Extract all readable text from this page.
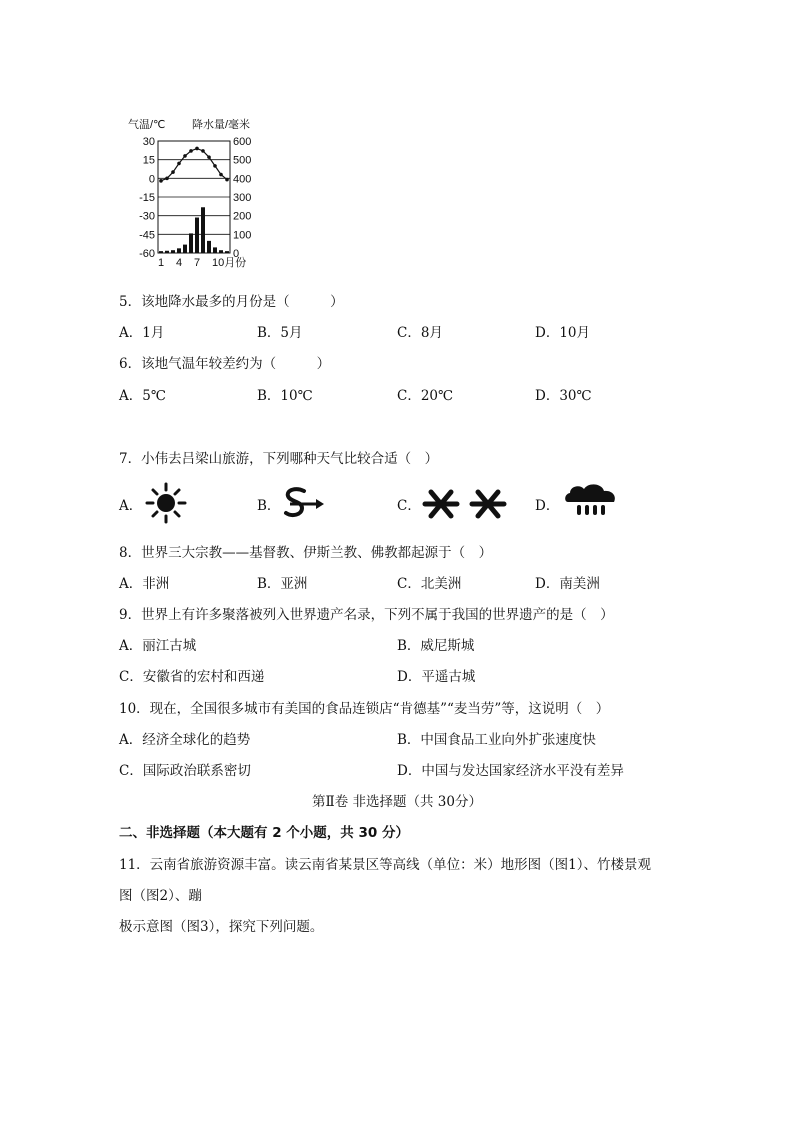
气温/℃ 降水量/毫米
30	600
15	500
0	400
-15	300
-30	200
-45	100
-60	0
1 4 7 10月份
5．该地降水最多的月份是（　　　）
A．1月	B．5月	C．8月	D．10月
6．该地气温年较差约为（　　　）
A．5℃	B．10℃	C．20℃	D．30℃
7．小伟去吕梁山旅游，下列哪种天气比较合适（　）
A．	B．	C．	D．
8．世界三大宗教——基督教、伊斯兰教、佛教都起源于（　）
A．非洲	B．亚洲	C．北美洲	D．南美洲
9．世界上有许多聚落被列入世界遗产名录，下列不属于我国的世界遗产的是（　）
A．丽江古城	B．威尼斯城
C．安徽省的宏村和西递	D．平遥古城
10．现在，全国很多城市有美国的食品连锁店“肯德基”“麦当劳”等，这说明（　）
A．经济全球化的趋势	B．中国食品工业向外扩张速度快
C．国际政治联系密切	D．中国与发达国家经济水平没有差异
第Ⅱ卷 非选择题（共 30分）
二、非选择题（本大题有 2 个小题，共 30 分）
11．云南省旅游资源丰富。读云南省某景区等高线（单位：米）地形图（图1）、竹楼景观
图（图2）、蹦
极示意图（图3），探究下列问题。
